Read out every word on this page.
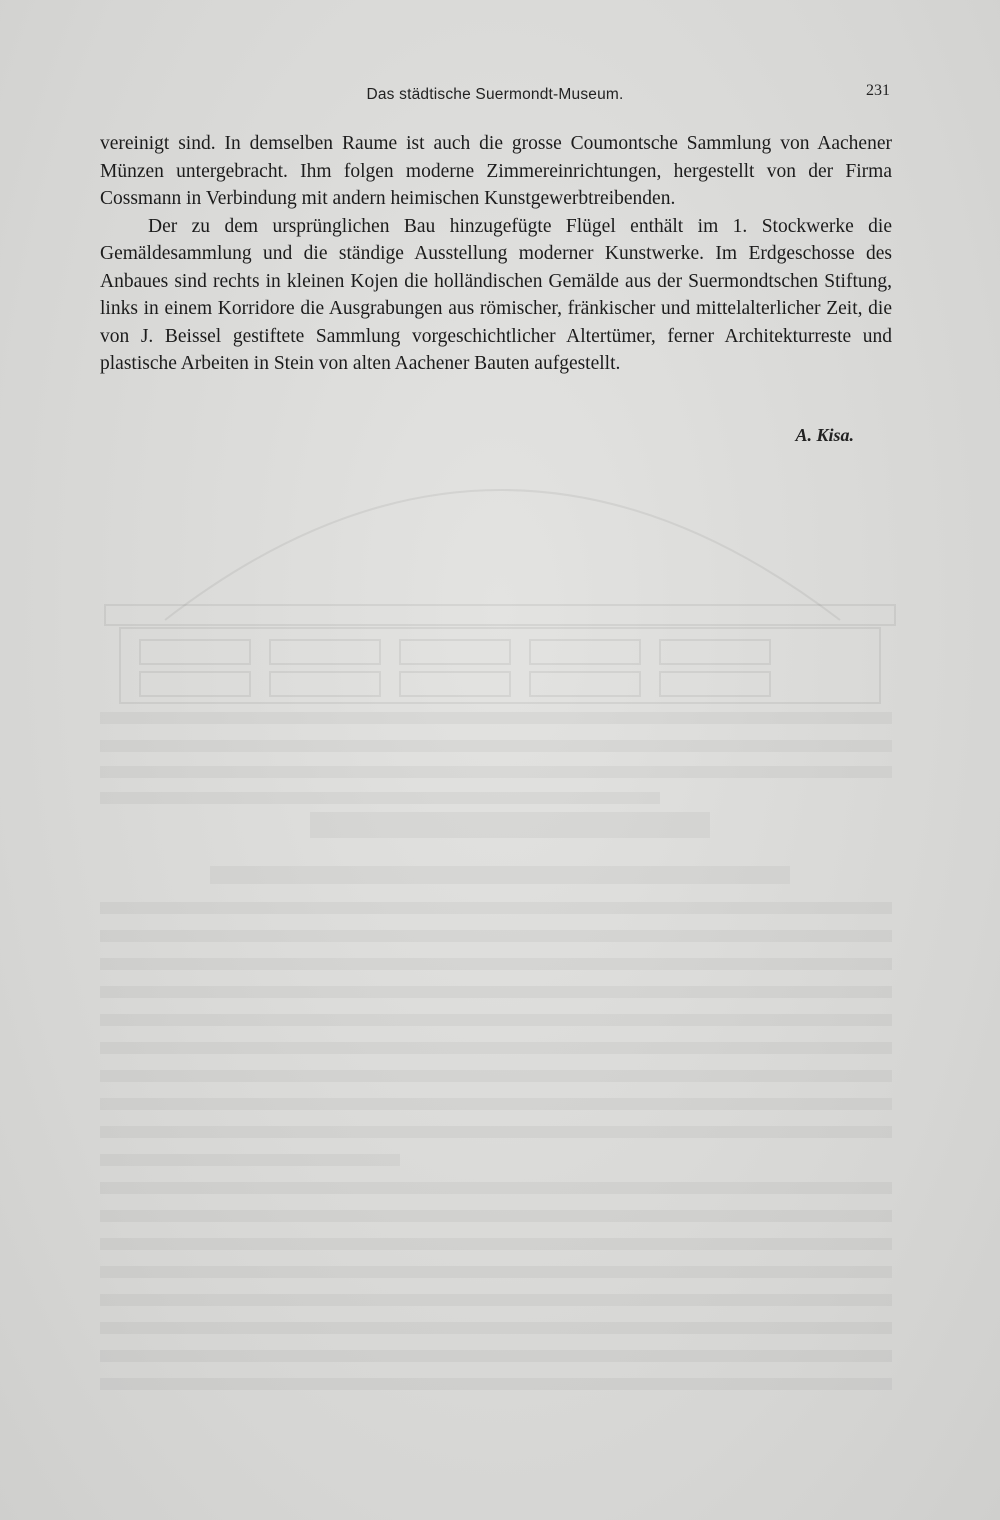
Das städtische Suermondt-Museum.	231

vereinigt sind. In demselben Raume ist auch die grosse Coumontsche Sammlung von Aachener Münzen untergebracht. Ihm folgen moderne Zimmereinrichtungen, hergestellt von der Firma Cossmann in Verbindung mit andern heimischen Kunstgewerbtreibenden.

Der zu dem ursprünglichen Bau hinzugefügte Flügel enthält im 1. Stockwerke die Gemäldesammlung und die ständige Ausstellung moderner Kunstwerke. Im Erdgeschosse des Anbaues sind rechts in kleinen Kojen die holländischen Gemälde aus der Suermondtschen Stiftung, links in einem Korridore die Ausgrabungen aus römischer, fränkischer und mittelalterlicher Zeit, die von J. Beissel gestiftete Sammlung vorgeschichtlicher Altertümer, ferner Architekturreste und plastische Arbeiten in Stein von alten Aachener Bauten aufgestellt.

A. Kisa.
